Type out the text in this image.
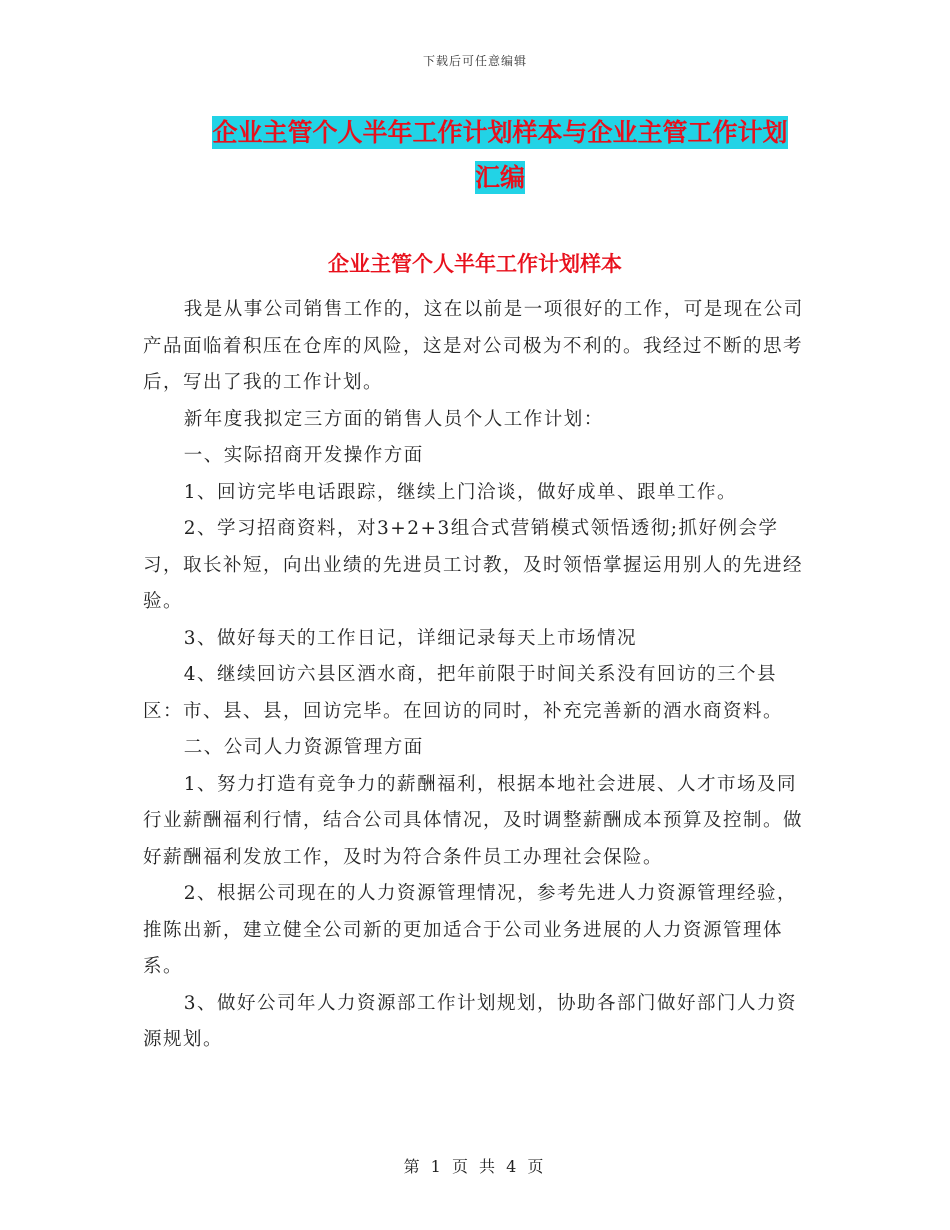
下载后可任意编辑
企业主管个人半年工作计划样本与企业主管工作计划
汇编
企业主管个人半年工作计划样本

我是从事公司销售工作的，这在以前是一项很好的工作，可是现在公司产品面临着积压在仓库的风险，这是对公司极为不利的。我经过不断的思考后，写出了我的工作计划。

新年度我拟定三方面的销售人员个人工作计划：

一、实际招商开发操作方面

1、回访完毕电话跟踪，继续上门洽谈，做好成单、跟单工作。

2、学习招商资料，对3+2+3组合式营销模式领悟透彻;抓好例会学习，取长补短，向出业绩的先进员工讨教，及时领悟掌握运用别人的先进经验。

3、做好每天的工作日记，详细记录每天上市场情况

4、继续回访六县区酒水商，把年前限于时间关系没有回访的三个县区：市、县、县，回访完毕。在回访的同时，补充完善新的酒水商资料。

二、公司人力资源管理方面

1、努力打造有竞争力的薪酬福利，根据本地社会进展、人才市场及同行业薪酬福利行情，结合公司具体情况，及时调整薪酬成本预算及控制。做好薪酬福利发放工作，及时为符合条件员工办理社会保险。

2、根据公司现在的人力资源管理情况，参考先进人力资源管理经验，推陈出新，建立健全公司新的更加适合于公司业务进展的人力资源管理体系。

3、做好公司年人力资源部工作计划规划，协助各部门做好部门人力资源规划。

第 1 页 共 4 页
